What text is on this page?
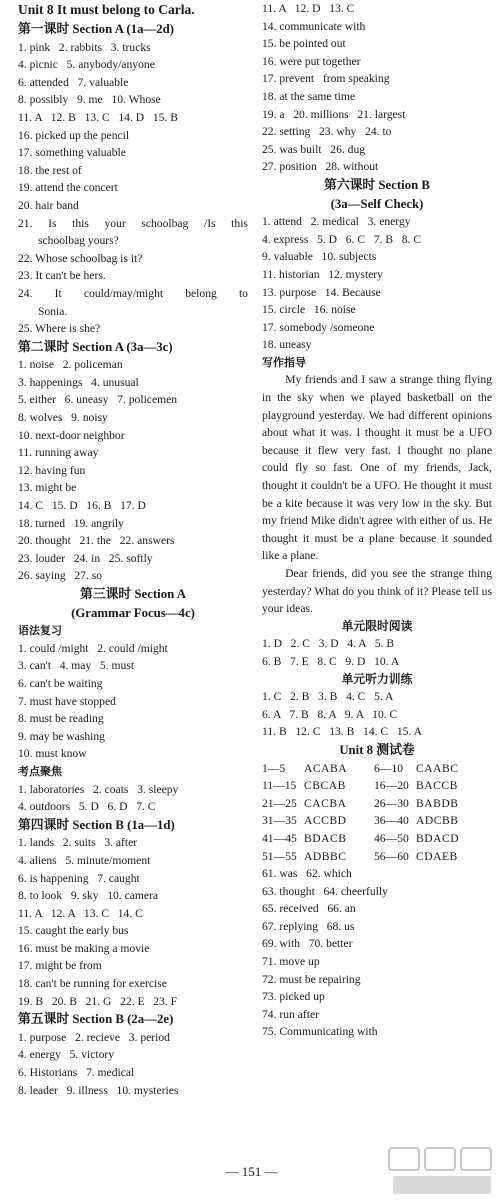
Unit 8 It must belong to Carla.
第一课时 Section A (1a—2d)
1. pink   2. rabbits   3. trucks
4. picnic   5. anybody/anyone
6. attended   7. valuable
8. possibly   9. me   10. Whose
11. A   12. B   13. C   14. D   15. B
16. picked up the pencil
17. something valuable
18. the rest of
19. attend the concert
20. hair band
21. Is this your schoolbag /Is this
schoolbag yours?
22. Whose schoolbag is it?
23. It can't be hers.
24. It could/may/might belong to
Sonia.
25. Where is she?
第二课时 Section A (3a—3c)
1. noise   2. policeman
3. happenings   4. unusual
5. either   6. uneasy   7. policemen
8. wolves   9. noisy
10. next-door neighbor
11. running away
12. having fun
13. might be
14. C   15. D   16. B   17. D
18. turned   19. angrily
20. thought   21. the   22. answers
23. louder   24. in   25. softly
26. saying   27. so
第三课时 Section A
(Grammar Focus—4c)
语法复习
1. could /might   2. could /might
3. can't   4. may   5. must
6. can't be waiting
7. must have stopped
8. must be reading
9. may be washing
10. must know
考点聚焦
1. laboratories   2. coats   3. sleepy
4. outdoors   5. D   6. D   7. C
第四课时 Section B (1a—1d)
1. lands   2. suits   3. after
4. aliens   5. minute/moment
6. is happening   7. caught
8. to look   9. sky   10. camera
11. A   12. A   13. C   14. C
15. caught the early bus
16. must be making a movie
17. might be from
18. can't be running for exercise
19. B   20. B   21. G   22. E   23. F
第五课时 Section B (2a—2e)
1. purpose   2. recieve   3. period
4. energy   5. victory
6. Historians   7. medical
8. leader   9. illness   10. mysteries
11. A   12. D   13. C
14. communicate with
15. be pointed out
16. were put together
17. prevent   from speaking
18. at the same time
19. a   20. millions   21. largest
22. setting   23. why   24. to
25. was built   26. dug
27. position   28. without
第六课时 Section B
(3a—Self Check)
1. attend   2. medical   3. energy
4. express   5. D   6. C   7. B   8. C
9. valuable   10. subjects
11. historian   12. mystery
13. purpose   14. Because
15. circle   16. noise
17. somebody /someone
18. uneasy
写作指导

My friends and I saw a strange thing flying in the sky when we played basketball on the playground yesterday. We had different opinions about what it was. I thought it must be a UFO because it flew very fast. I thought no plane could fly so fast. One of my friends, Jack, thought it couldn't be a UFO. He thought it must be a kite because it was very low in the sky. But my friend Mike didn't agree with either of us. He thought it must be a plane because it sounded like a plane.

Dear friends, did you see the strange thing yesterday? What do you think of it? Please tell us your ideas.

单元限时阅读
1. D   2. C   3. D   4. A   5. B
6. B   7. E   8. C   9. D   10. A
单元听力训练
1. C   2. B   3. B   4. C   5. A
6. A   7. B   8. A   9. A   10. C
11. B   12. C   13. B   14. C   15. A
Unit 8 测试卷
1—5	ACABA	6—10	CAABC
11—15 CBCAB	16—20 BACCB
21—25 CACBA	26—30 BABDB
31—35 ACCBD	36—40 ADCBB
41—45 BDACB	46—50 BDACD
51—55 ADBBC	56—60 CDAEB
61. was   62. which
63. thought   64. cheerfully
65. received   66. an
67. replying   68. us
69. with   70. better
71. move up
72. must be repairing
73. picked up
74. run after
75. Communicating with
— 151 —
